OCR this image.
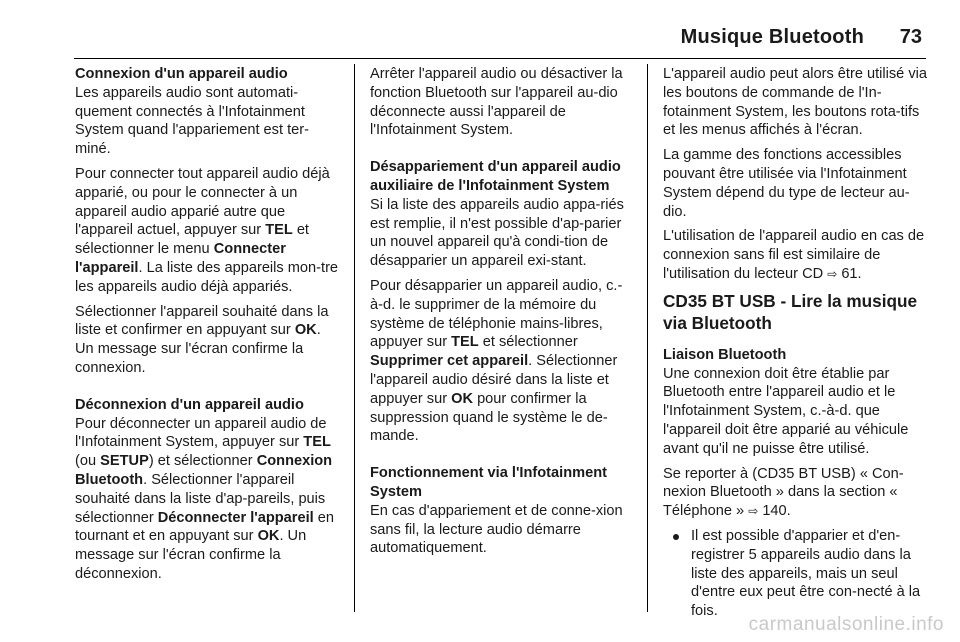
Musique Bluetooth 73
Connexion d'un appareil audio

Les appareils audio sont automati-quement connectés à l'Infotainment System quand l'appariement est ter-miné.

Pour connecter tout appareil audio déjà apparié, ou pour le connecter à un appareil audio apparié autre que l'appareil actuel, appuyer sur TEL et sélectionner le menu Connecter l'appareil. La liste des appareils mon-tre les appareils audio déjà appariés.

Sélectionner l'appareil souhaité dans la liste et confirmer en appuyant sur OK. Un message sur l'écran confirme la connexion.

Déconnexion d'un appareil audio

Pour déconnecter un appareil audio de l'Infotainment System, appuyer sur TEL (ou SETUP) et sélectionner Connexion Bluetooth. Sélectionner l'appareil souhaité dans la liste d'ap-pareils, puis sélectionner Déconnecter l'appareil en tournant et en appuyant sur OK. Un message sur l'écran confirme la déconnexion.

Arrêter l'appareil audio ou désactiver la fonction Bluetooth sur l'appareil au-dio déconnecte aussi l'appareil de l'Infotainment System.

Désappariement d'un appareil audio auxiliaire de l'Infotainment System

Si la liste des appareils audio appa-riés est remplie, il n'est possible d'ap-parier un nouvel appareil qu'à condi-tion de désapparier un appareil exi-stant.

Pour désapparier un appareil audio, c.-à-d. le supprimer de la mémoire du système de téléphonie mains-libres, appuyer sur TEL et sélectionner Supprimer cet appareil. Sélectionner l'appareil audio désiré dans la liste et appuyer sur OK pour confirmer la suppression quand le système le de-mande.

Fonctionnement via l'Infotainment System

En cas d'appariement et de conne-xion sans fil, la lecture audio démarre automatiquement.

L'appareil audio peut alors être utilisé via les boutons de commande de l'In-fotainment System, les boutons rota-tifs et les menus affichés à l'écran.

La gamme des fonctions accessibles pouvant être utilisée via l'Infotainment System dépend du type de lecteur au-dio.

L'utilisation de l'appareil audio en cas de connexion sans fil est similaire de l'utilisation du lecteur CD ⇨ 61.

CD35 BT USB - Lire la musique via Bluetooth
Liaison Bluetooth

Une connexion doit être établie par Bluetooth entre l'appareil audio et le l'Infotainment System, c.-à-d. que l'appareil doit être apparié au véhicule avant qu'il ne puisse être utilisé.

Se reporter à (CD35 BT USB) « Con-nexion Bluetooth » dans la section « Téléphone » ⇨ 140.

Il est possible d'apparier et d'en-registrer 5 appareils audio dans la liste des appareils, mais un seul d'entre eux peut être con-necté à la fois.
carmanualsonline.info
